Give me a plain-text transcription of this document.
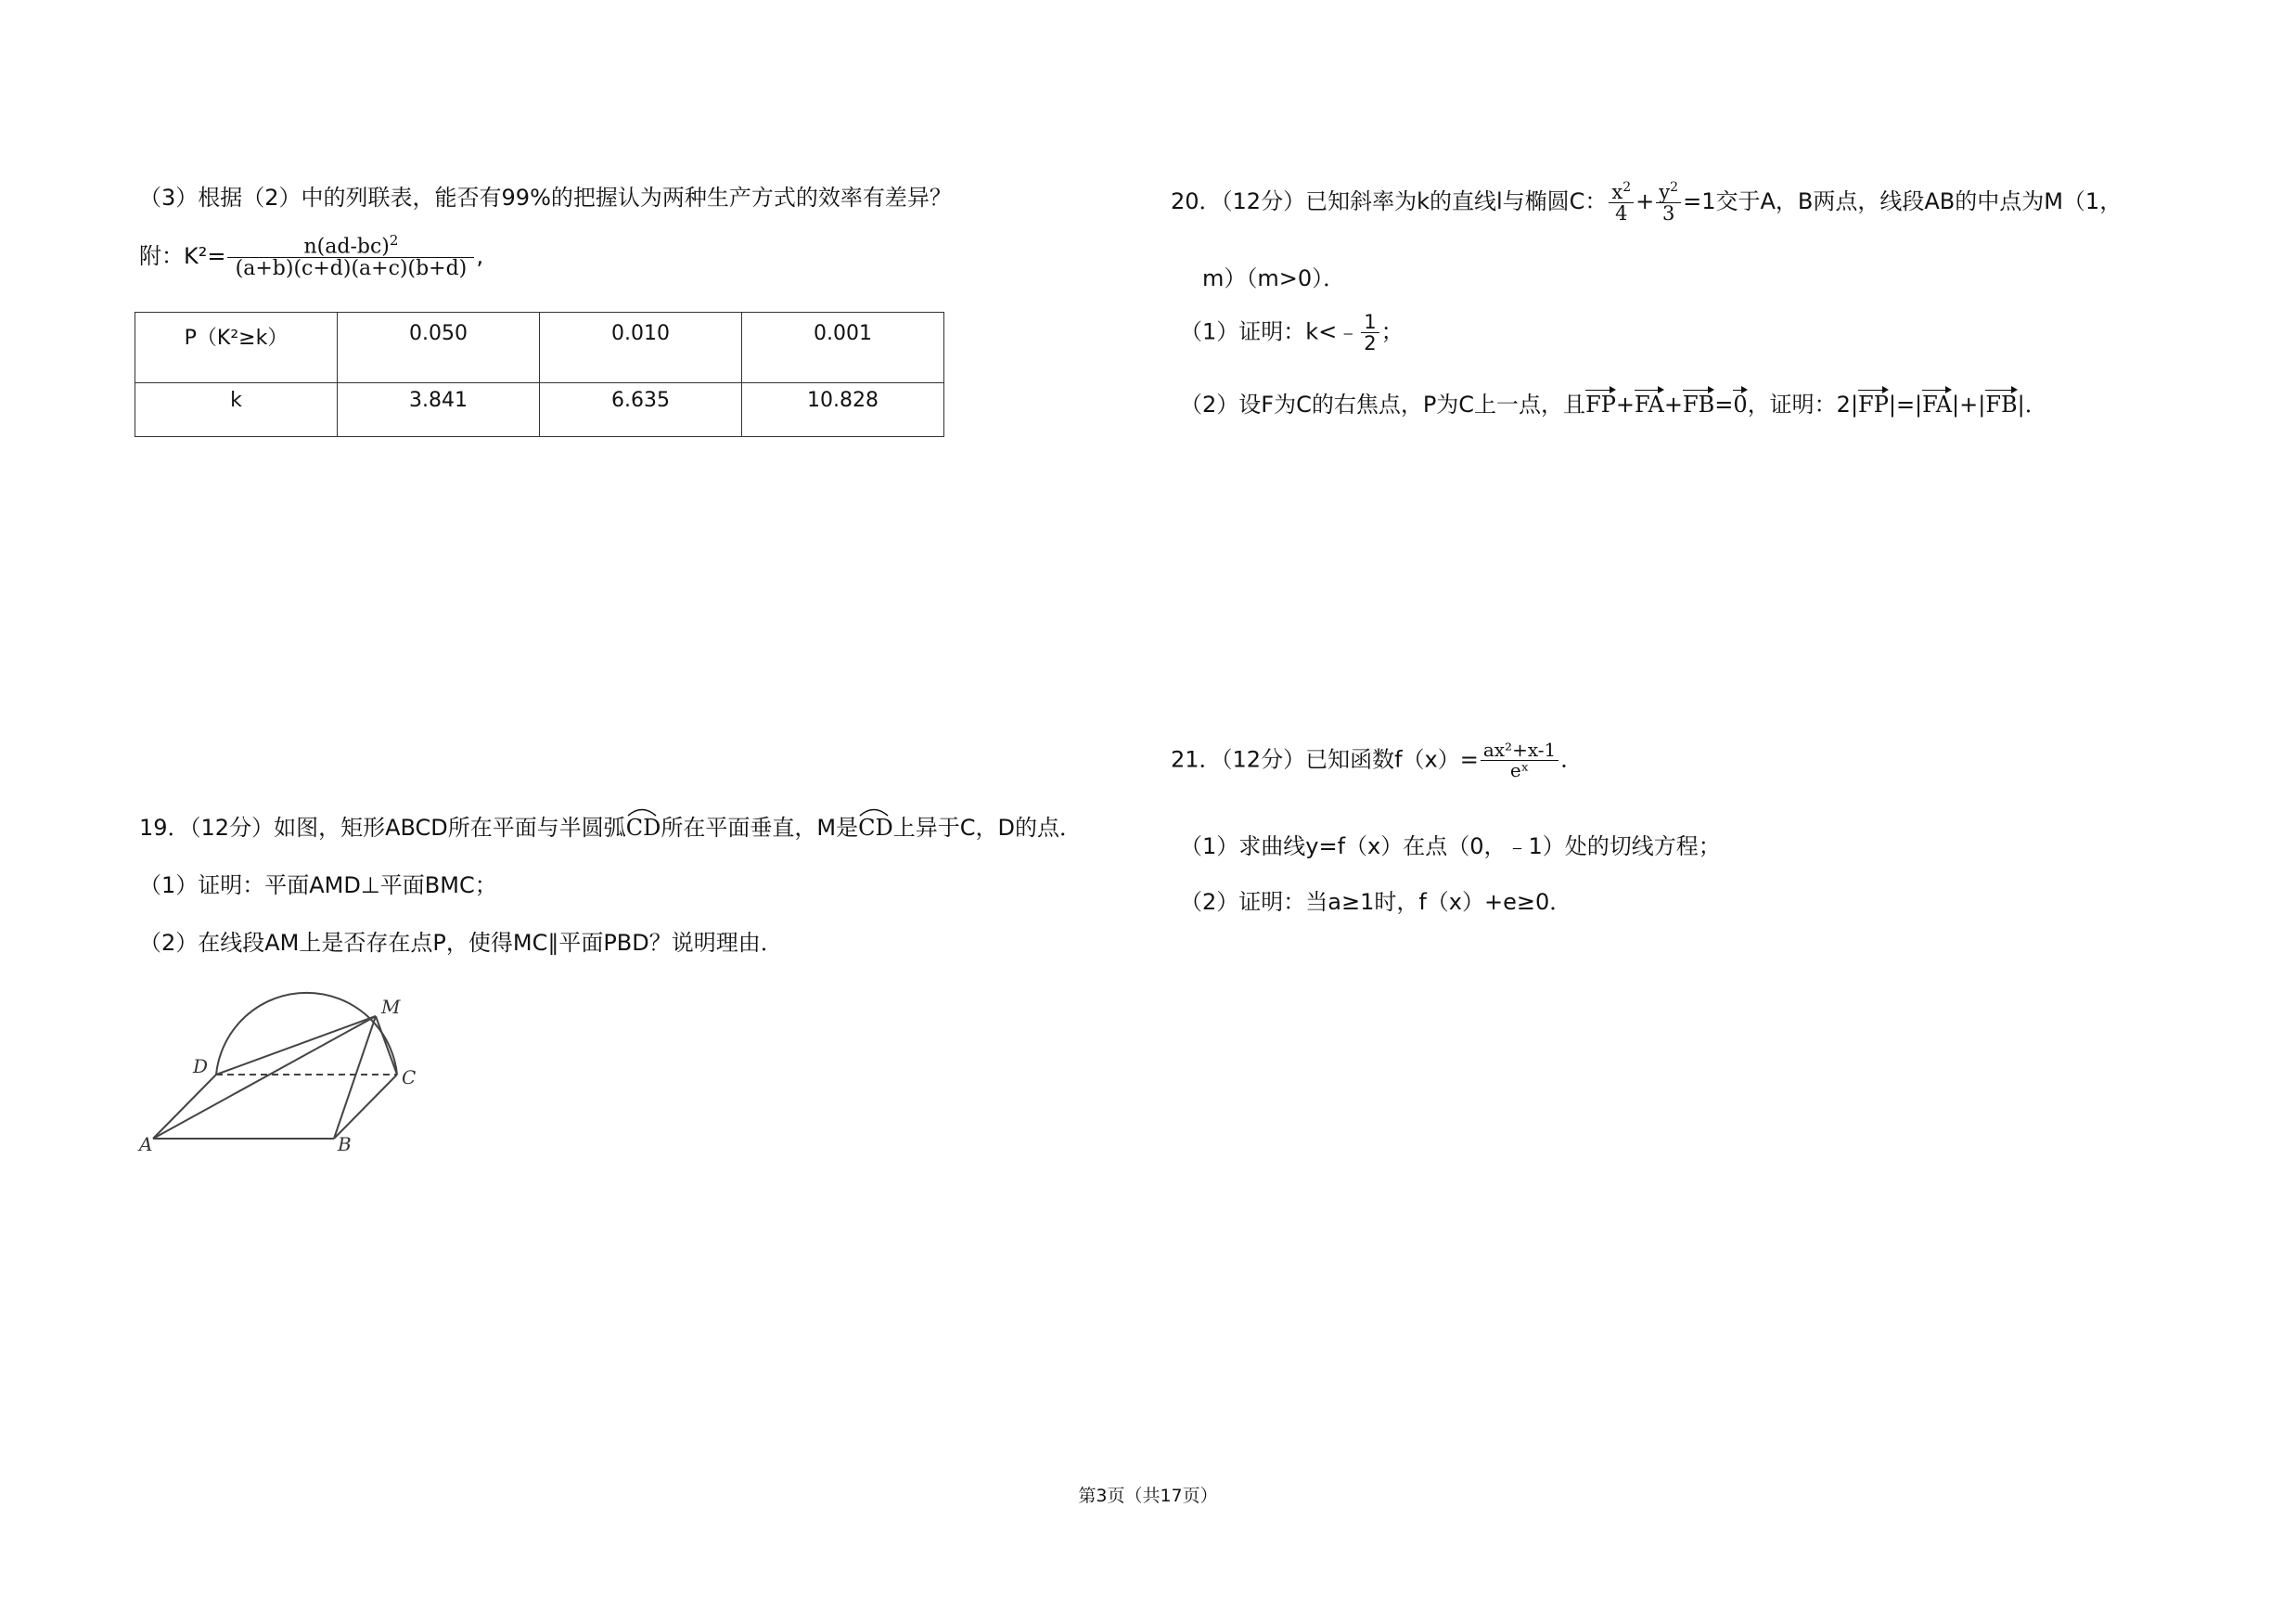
（3）根据（2）中的列联表，能否有99%的把握认为两种生产方式的效率有差异？
附：$K^2= \frac{n(ad-bc)^2}{(a+b)(c+d)(a+c)(b+d)}$ ,
P（K²≥k）	0.050	0.010	0.001
k	3.841	6.635	10.828
19．（12分）如图，矩形ABCD所在平面与半圆弧
CD所在平面垂直，M是
CD上异于C，D的点．
（1）证明：平面AMD⊥平面BMC；
（2）在线段AM上是否存在点P，使得MC∥平面PBD？说明理由．
M
D	C
A	B
20．（12分）已知斜率为k的直线l与椭圆C： $\frac{x^2}{4} + \frac{y^2}{3} =1$交于A，B两点，线段AB的中点为M（1，
m）（m>0）．
（1）证明：k<﹣ $\frac{1}{2}$ ；
（2）设F为C的右焦点，P为C上一点，且FP+FA+FB=0，证明：2|FP|=|FA|+|FB|．
21．（12分）已知函数$f(x)= \frac{\text{ax²+x-1}}{\text{eˣ}}$ ．
（1）求曲线y=f（x）在点（0，﹣1）处的切线方程；
（2）证明：当a≥1时，f（x）+e≥0．
第3页（共17页）
